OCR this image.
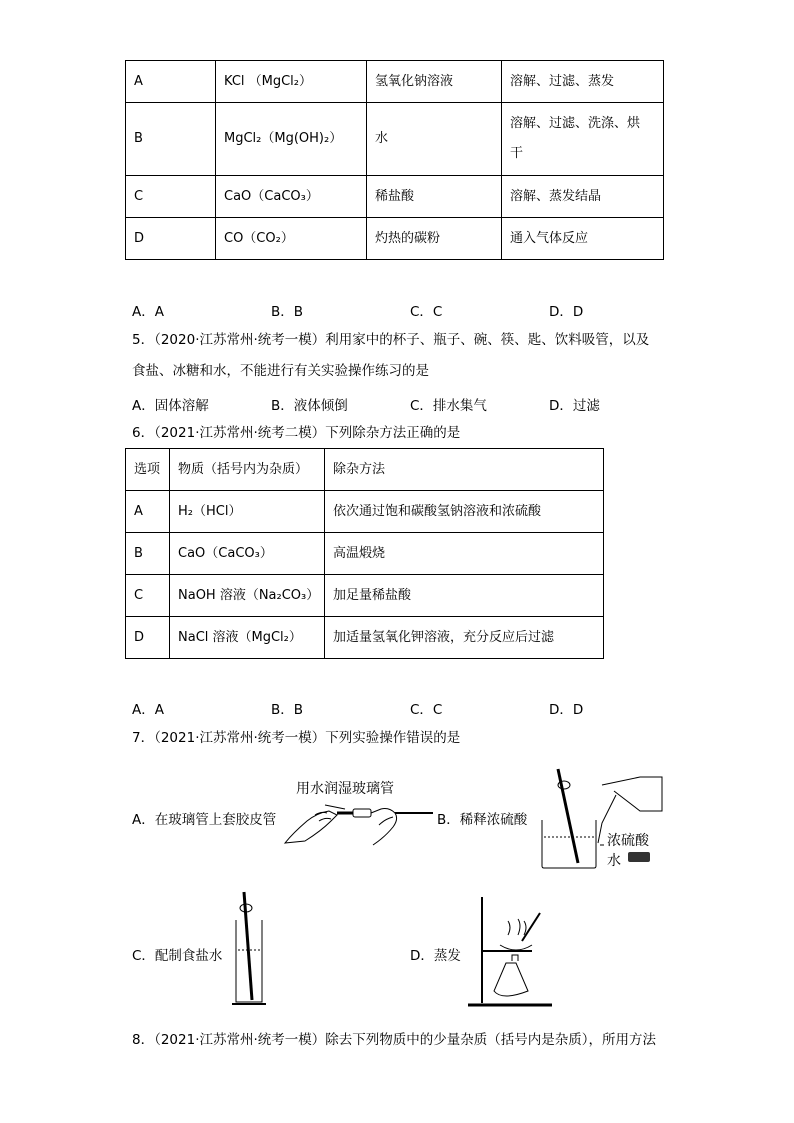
A	KCl （MgCl₂）	氢氧化钠溶液	溶解、过滤、蒸发
B	MgCl₂（Mg(OH)₂）	水	溶解、过滤、洗涤、烘
干

C	CaO（CaCO₃）	稀盐酸	溶解、蒸发结晶
D	CO（CO₂）	灼热的碳粉	通入气体反应
A．A	B．B	C．C	D．D
5．（2020·江苏常州·统考一模）利用家中的杯子、瓶子、碗、筷、匙、饮料吸管，以及
食盐、冰糖和水，不能进行有关实验操作练习的是
A．固体溶解	B．液体倾倒	C．排水集气	D．过滤
6．（2021·江苏常州·统考二模）下列除杂方法正确的是
选项	物质（括号内为杂质）	除杂方法
A	H₂（HCl）	依次通过饱和碳酸氢钠溶液和浓硫酸
B	CaO（CaCO₃）	高温煅烧
C	NaOH 溶液（Na₂CO₃）	加足量稀盐酸
D	NaCl 溶液（MgCl₂）	加适量氢氧化钾溶液，充分反应后过滤
A．A	B．B	C．C	D．D
7．（2021·江苏常州·统考一模）下列实验操作错误的是
A．在玻璃管上套胶皮管
用水润湿玻璃管
B．稀释浓硫酸
浓硫酸
水
C．配制食盐水	D．蒸发
8．（2021·江苏常州·统考一模）除去下列物质中的少量杂质（括号内是杂质），所用方法
